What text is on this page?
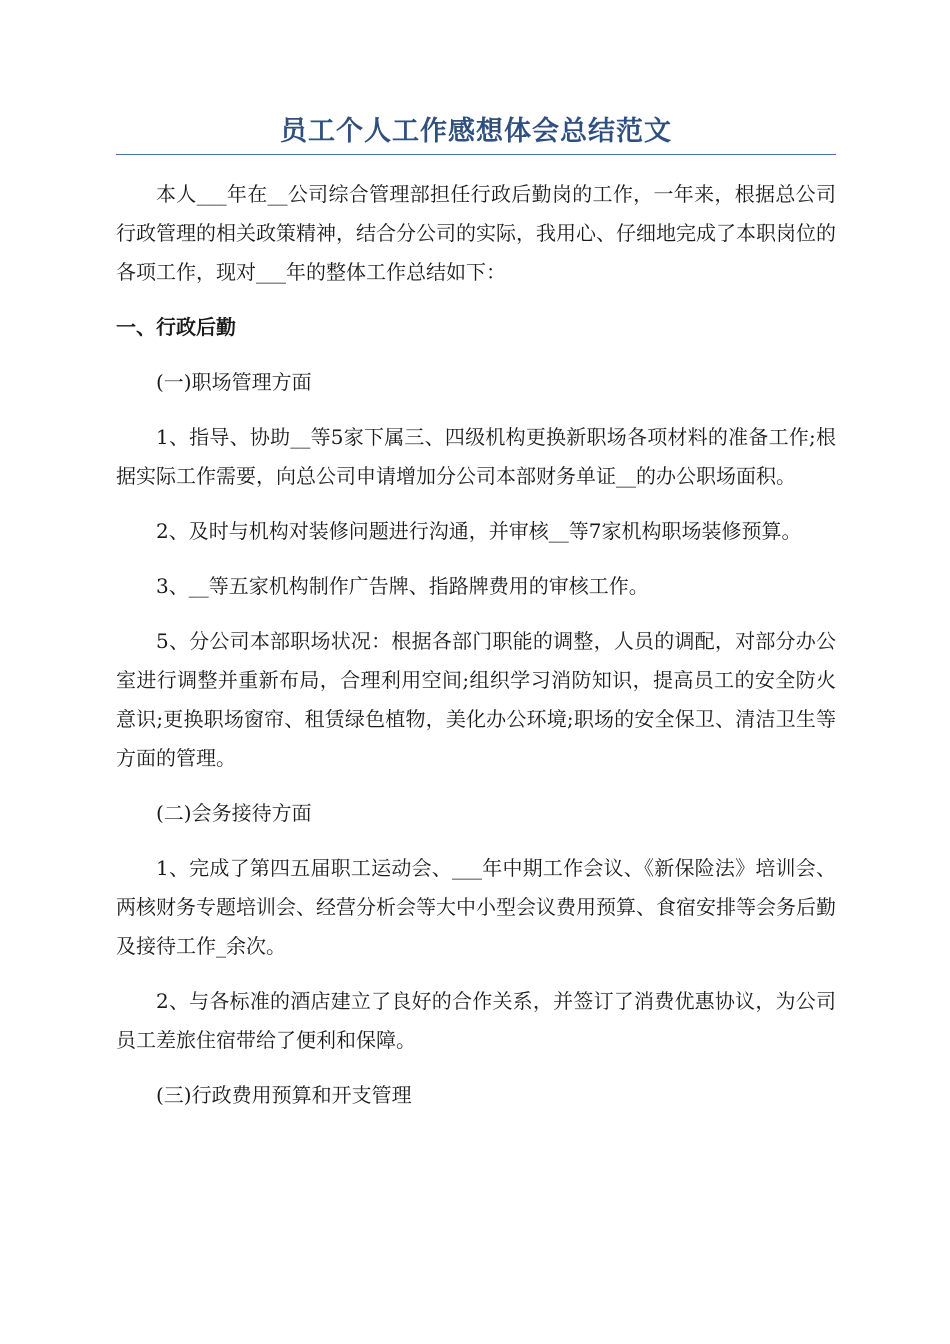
员工个人工作感想体会总结范文

本人___年在__公司综合管理部担任行政后勤岗的工作，一年来，根据总公司行政管理的相关政策精神，结合分公司的实际，我用心、仔细地完成了本职岗位的各项工作，现对___年的整体工作总结如下：

一、行政后勤

(一)职场管理方面

1、指导、协助__等5家下属三、四级机构更换新职场各项材料的准备工作;根据实际工作需要，向总公司申请增加分公司本部财务单证__的办公职场面积。

2、及时与机构对装修问题进行沟通，并审核__等7家机构职场装修预算。

3、__等五家机构制作广告牌、指路牌费用的审核工作。

5、分公司本部职场状况：根据各部门职能的调整，人员的调配，对部分办公室进行调整并重新布局，合理利用空间;组织学习消防知识，提高员工的安全防火意识;更换职场窗帘、租赁绿色植物，美化办公环境;职场的安全保卫、清洁卫生等方面的管理。

(二)会务接待方面

1、完成了第四五届职工运动会、___年中期工作会议、《新保险法》培训会、两核财务专题培训会、经营分析会等大中小型会议费用预算、食宿安排等会务后勤及接待工作_余次。

2、与各标准的酒店建立了良好的合作关系，并签订了消费优惠协议，为公司员工差旅住宿带给了便利和保障。

(三)行政费用预算和开支管理
